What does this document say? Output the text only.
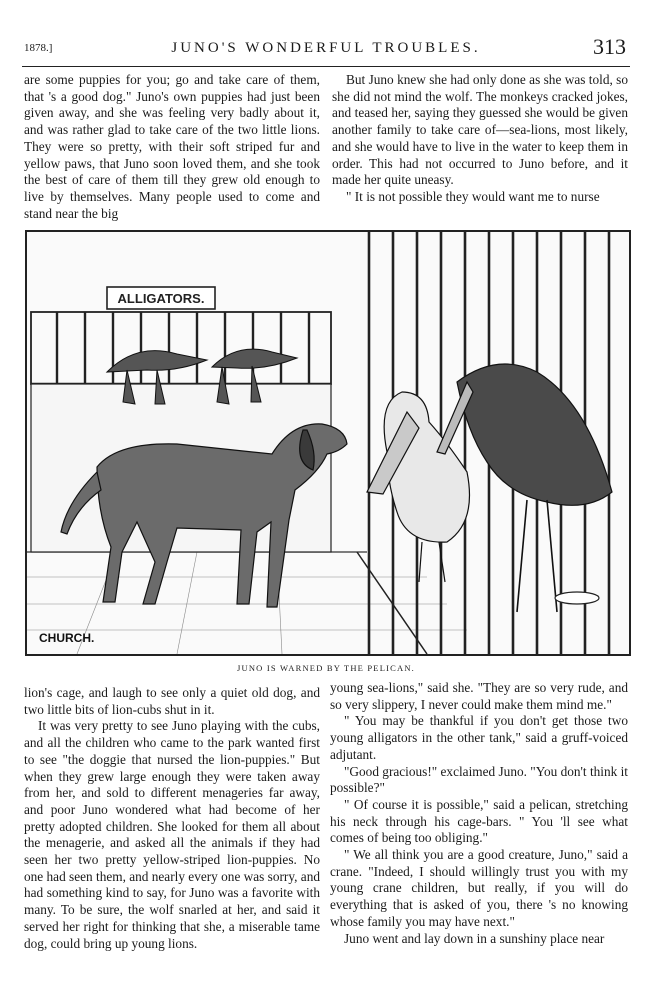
1878.]	JUNO'S WONDERFUL TROUBLES.	313

are some puppies for you; go and take care of them, that 's a good dog." Juno's own puppies had just been given away, and she was feeling very badly about it, and was rather glad to take care of the two little lions. They were so pretty, with their soft striped fur and yellow paws, that Juno soon loved them, and she took the best of care of them till they grew old enough to live by themselves. Many people used to come and stand near the big

But Juno knew she had only done as she was told, so she did not mind the wolf. The monkeys cracked jokes, and teased her, saying they guessed she would be given another family to take care of—sea-lions, most likely, and she would have to live in the water to keep them in order. This had not occurred to Juno before, and it made her quite uneasy.

" It is not possible they would want me to nurse

ALLIGATORS.
CHURCH.
JUNO IS WARNED BY THE PELICAN.

lion's cage, and laugh to see only a quiet old dog, and two little bits of lion-cubs shut in it.

It was very pretty to see Juno playing with the cubs, and all the children who came to the park wanted first to see "the doggie that nursed the lion-puppies." But when they grew large enough they were taken away from her, and sold to different menageries far away, and poor Juno wondered what had become of her pretty adopted children. She looked for them all about the menagerie, and asked all the animals if they had seen her two pretty yellow-striped lion-puppies. No one had seen them, and nearly every one was sorry, and had something kind to say, for Juno was a favorite with many. To be sure, the wolf snarled at her, and said it served her right for thinking that she, a miserable tame dog, could bring up young lions.

young sea-lions," said she. "They are so very rude, and so very slippery, I never could make them mind me."

" You may be thankful if you don't get those two young alligators in the other tank," said a gruff-voiced adjutant.

"Good gracious!" exclaimed Juno. "You don't think it possible?"

" Of course it is possible," said a pelican, stretching his neck through his cage-bars. " You 'll see what comes of being too obliging."

" We all think you are a good creature, Juno," said a crane. "Indeed, I should willingly trust you with my young crane children, but really, if you will do everything that is asked of you, there 's no knowing whose family you may have next."

Juno went and lay down in a sunshiny place near
